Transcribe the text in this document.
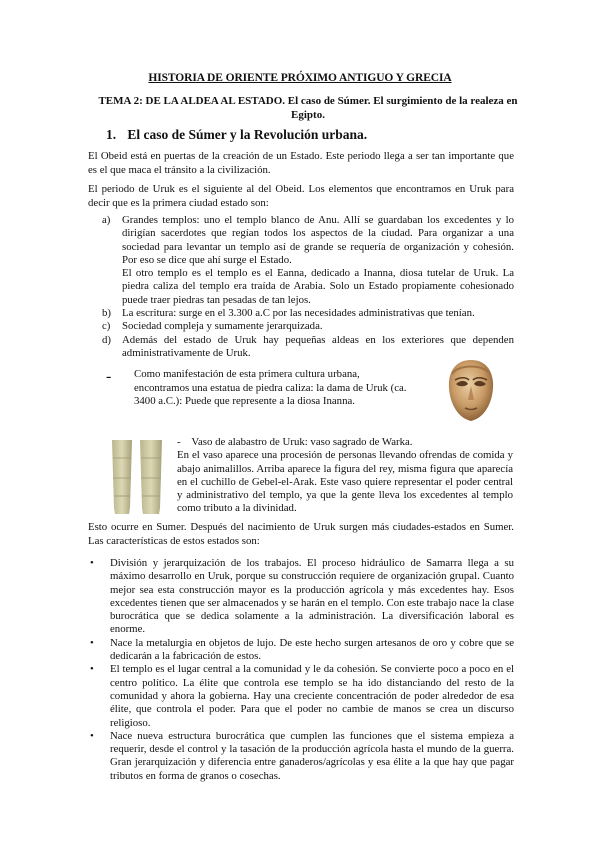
HISTORIA DE ORIENTE PRÓXIMO ANTIGUO Y GRECIA

TEMA 2: DE LA ALDEA AL ESTADO. El caso de Súmer. El surgimiento de la realeza en Egipto.

1. El caso de Súmer y la Revolución urbana.

El Obeid está en puertas de la creación de un Estado. Este periodo llega a ser tan importante que es el que maca el tránsito a la civilización.

El periodo de Uruk es el siguiente al del Obeid. Los elementos que encontramos en Uruk para decir que es la primera ciudad estado son:

a) Grandes templos: uno el templo blanco de Anu. Allí se guardaban los excedentes y lo dirigían sacerdotes que regían todos los aspectos de la ciudad. Para organizar a una sociedad para levantar un templo así de grande se requería de organización y cohesión. Por eso se dice que ahí surge el Estado.
El otro templo es el templo es el Eanna, dedicado a Inanna, diosa tutelar de Uruk. La piedra caliza del templo era traída de Arabia. Solo un Estado propiamente cohesionado puede traer piedras tan pesadas de tan lejos.
b) La escritura: surge en el 3.300 a.C por las necesidades administrativas que tenían.
c) Sociedad compleja y sumamente jerarquizada.
d) Además del estado de Uruk hay pequeñas aldeas en los exteriores que dependen administrativamente de Uruk.
-	Como manifestación de esta primera cultura urbana, encontramos una estatua de piedra caliza: la dama de Uruk (ca. 3400 a.C.): Puede que represente a la diosa Inanna.

- Vaso de alabastro de Uruk: vaso sagrado de Warka.

En el vaso aparece una procesión de personas llevando ofrendas de comida y abajo animalillos. Arriba aparece la figura del rey, misma figura que aparecía en el cuchillo de Gebel-el-Arak. Este vaso quiere representar el poder central y administrativo del templo, ya que la gente lleva los excedentes al templo como tributo a la divinidad.

Esto ocurre en Sumer. Después del nacimiento de Uruk surgen más ciudades-estados en Sumer. Las características de estos estados son:

• División y jerarquización de los trabajos. El proceso hidráulico de Samarra llega a su máximo desarrollo en Uruk, porque su construcción requiere de organización grupal. Cuanto mejor sea esta construcción mayor es la producción agrícola y más excedentes hay. Esos excedentes tienen que ser almacenados y se harán en el templo. Con este trabajo nace la clase burocrática que se dedica solamente a la administración. La diversificación laboral es enorme.
• Nace la metalurgia en objetos de lujo. De este hecho surgen artesanos de oro y cobre que se dedicarán a la fabricación de estos.
• El templo es el lugar central a la comunidad y le da cohesión. Se convierte poco a poco en el centro político. La élite que controla ese templo se ha ido distanciando del resto de la comunidad y ahora la gobierna. Hay una creciente concentración de poder alrededor de esa élite, que controla el poder. Para que el poder no cambie de manos se crea un discurso religioso.
• Nace nueva estructura burocrática que cumplen las funciones que el sistema empieza a requerir, desde el control y la tasación de la producción agrícola hasta el mundo de la guerra. Gran jerarquización y diferencia entre ganaderos/agrícolas y esa élite a la que hay que pagar tributos en forma de granos o cosechas.
